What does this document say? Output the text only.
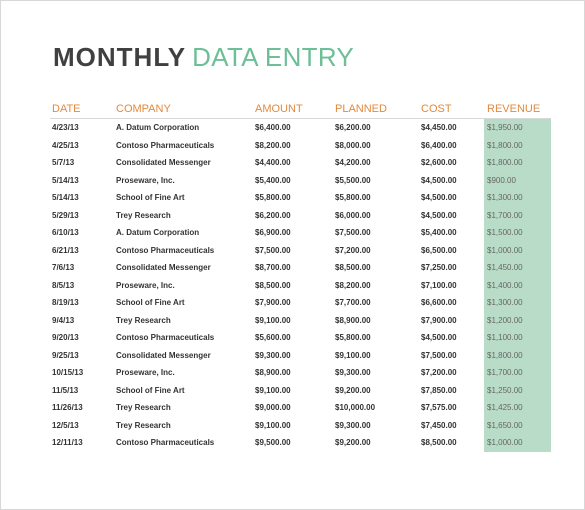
MONTHLY DATA ENTRY
DATE	COMPANY	AMOUNT	PLANNED	COST	REVENUE
4/23/13	A. Datum Corporation	$6,400.00	$6,200.00	$4,450.00	$1,950.00
4/25/13	Contoso Pharmaceuticals	$8,200.00	$8,000.00	$6,400.00	$1,800.00
5/7/13	Consolidated Messenger	$4,400.00	$4,200.00	$2,600.00	$1,800.00
5/14/13	Proseware, Inc.	$5,400.00	$5,500.00	$4,500.00	$900.00
5/14/13	School of Fine Art	$5,800.00	$5,800.00	$4,500.00	$1,300.00
5/29/13	Trey Research	$6,200.00	$6,000.00	$4,500.00	$1,700.00
6/10/13	A. Datum Corporation	$6,900.00	$7,500.00	$5,400.00	$1,500.00
6/21/13	Contoso Pharmaceuticals	$7,500.00	$7,200.00	$6,500.00	$1,000.00
7/6/13	Consolidated Messenger	$8,700.00	$8,500.00	$7,250.00	$1,450.00
8/5/13	Proseware, Inc.	$8,500.00	$8,200.00	$7,100.00	$1,400.00
8/19/13	School of Fine Art	$7,900.00	$7,700.00	$6,600.00	$1,300.00
9/4/13	Trey Research	$9,100.00	$8,900.00	$7,900.00	$1,200.00
9/20/13	Contoso Pharmaceuticals	$5,600.00	$5,800.00	$4,500.00	$1,100.00
9/25/13	Consolidated Messenger	$9,300.00	$9,100.00	$7,500.00	$1,800.00
10/15/13	Proseware, Inc.	$8,900.00	$9,300.00	$7,200.00	$1,700.00
11/5/13	School of Fine Art	$9,100.00	$9,200.00	$7,850.00	$1,250.00
11/26/13	Trey Research	$9,000.00	$10,000.00	$7,575.00	$1,425.00
12/5/13	Trey Research	$9,100.00	$9,300.00	$7,450.00	$1,650.00
12/11/13	Contoso Pharmaceuticals	$9,500.00	$9,200.00	$8,500.00	$1,000.00
